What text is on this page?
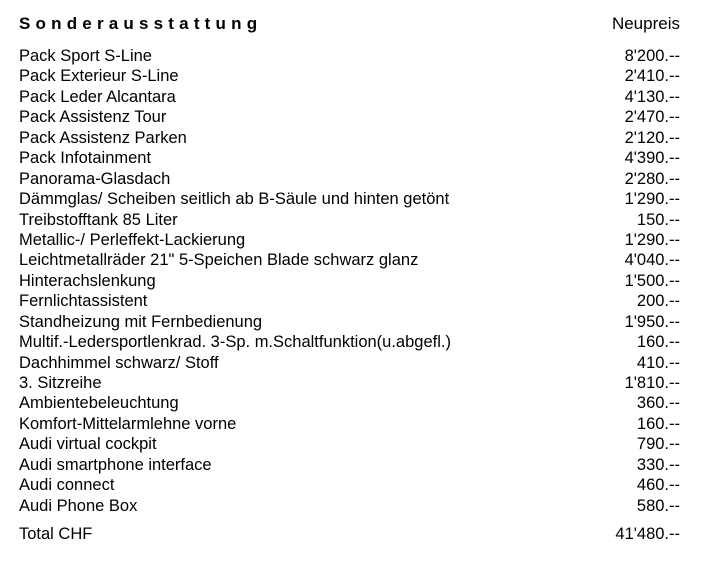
Sonderausstattung	Neupreis
Pack Sport S-Line	8'200.--
Pack Exterieur S-Line	2'410.--
Pack Leder Alcantara	4'130.--
Pack Assistenz Tour	2'470.--
Pack Assistenz Parken	2'120.--
Pack Infotainment	4'390.--
Panorama-Glasdach	2'280.--
Dämmglas/ Scheiben seitlich ab B-Säule und hinten getönt	1'290.--
Treibstofftank 85 Liter	150.--
Metallic-/ Perleffekt-Lackierung	1'290.--
Leichtmetallräder 21" 5-Speichen Blade schwarz glanz	4'040.--
Hinterachslenkung	1'500.--
Fernlichtassistent	200.--
Standheizung mit Fernbedienung	1'950.--
Multif.-Ledersportlenkrad. 3-Sp. m.Schaltfunktion(u.abgefl.)	160.--
Dachhimmel schwarz/ Stoff	410.--
3. Sitzreihe	1'810.--
Ambientebeleuchtung	360.--
Komfort-Mittelarmlehne vorne	160.--
Audi virtual cockpit	790.--
Audi smartphone interface	330.--
Audi connect	460.--
Audi Phone Box	580.--
Total CHF	41'480.--
